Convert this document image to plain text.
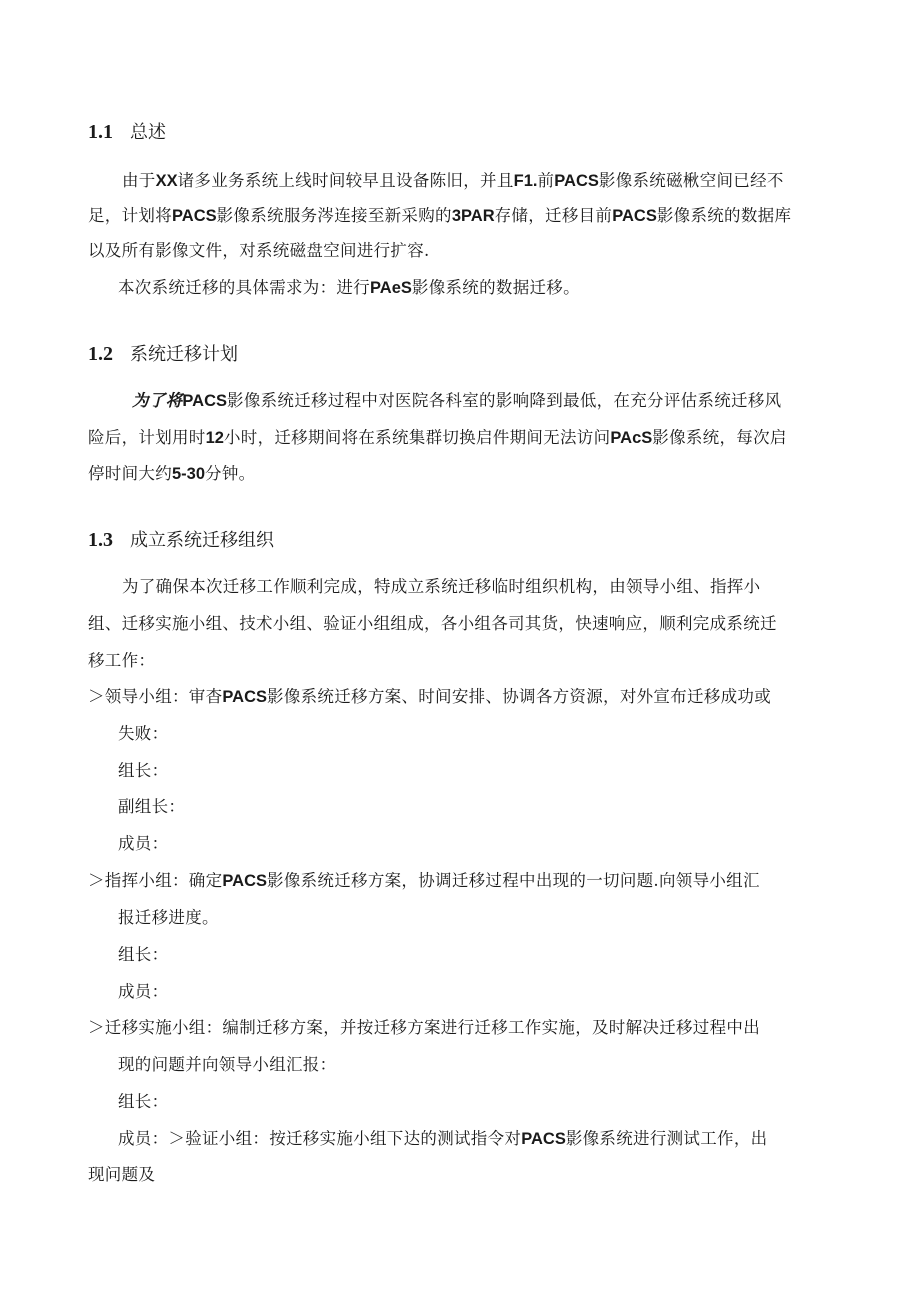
1.1 总述
由于XX诸多业务系统上线时间较早且设备陈旧，并且F1.前PACS影像系统磁楸空间已经不
足，计划将PACS影像系统服务涔连接至新采购的3PAR存储，迁移目前PACS影像系统的数据库
以及所有影像文件，对系统磁盘空间进行扩容.
本次系统迁移的具体需求为：进行PAeS影像系统的数据迁移。
1.2 系统迁移计划
为了将PACS影像系统迁移过程中对医院各科室的影响降到最低，在充分评估系统迁移风
险后，计划用时12小时，迁移期间将在系统集群切换启件期间无法访问PAcS影像系统，每次启
停时间大约5-30分钟。
1.3 成立系统迁移组织
为了确保本次迁移工作顺利完成，特成立系统迁移临时组织机构，由领导小组、指挥小
组、迁移实施小组、技术小组、验证小组组成，各小组各司其货，快速响应，顺利完成系统迁
移工作：
＞领导小组：审杳PACS影像系统迁移方案、时间安排、协调各方资源，对外宣布迁移成功或
失败：
组长：
副组长：
成员：
＞指挥小组：确定PACS影像系统迁移方案，协调迁移过程中出现的一切问题.向领导小组汇
报迁移进度。
组长：
成员：
＞迁移实施小组：编制迁移方案，并按迁移方案进行迁移工作实施，及时解决迁移过程中出
现的问题并向领导小组汇报：
组长：
成员：＞验证小组：按迁移实施小组下达的测试指令对PACS影像系统进行测试工作，出
现问题及
